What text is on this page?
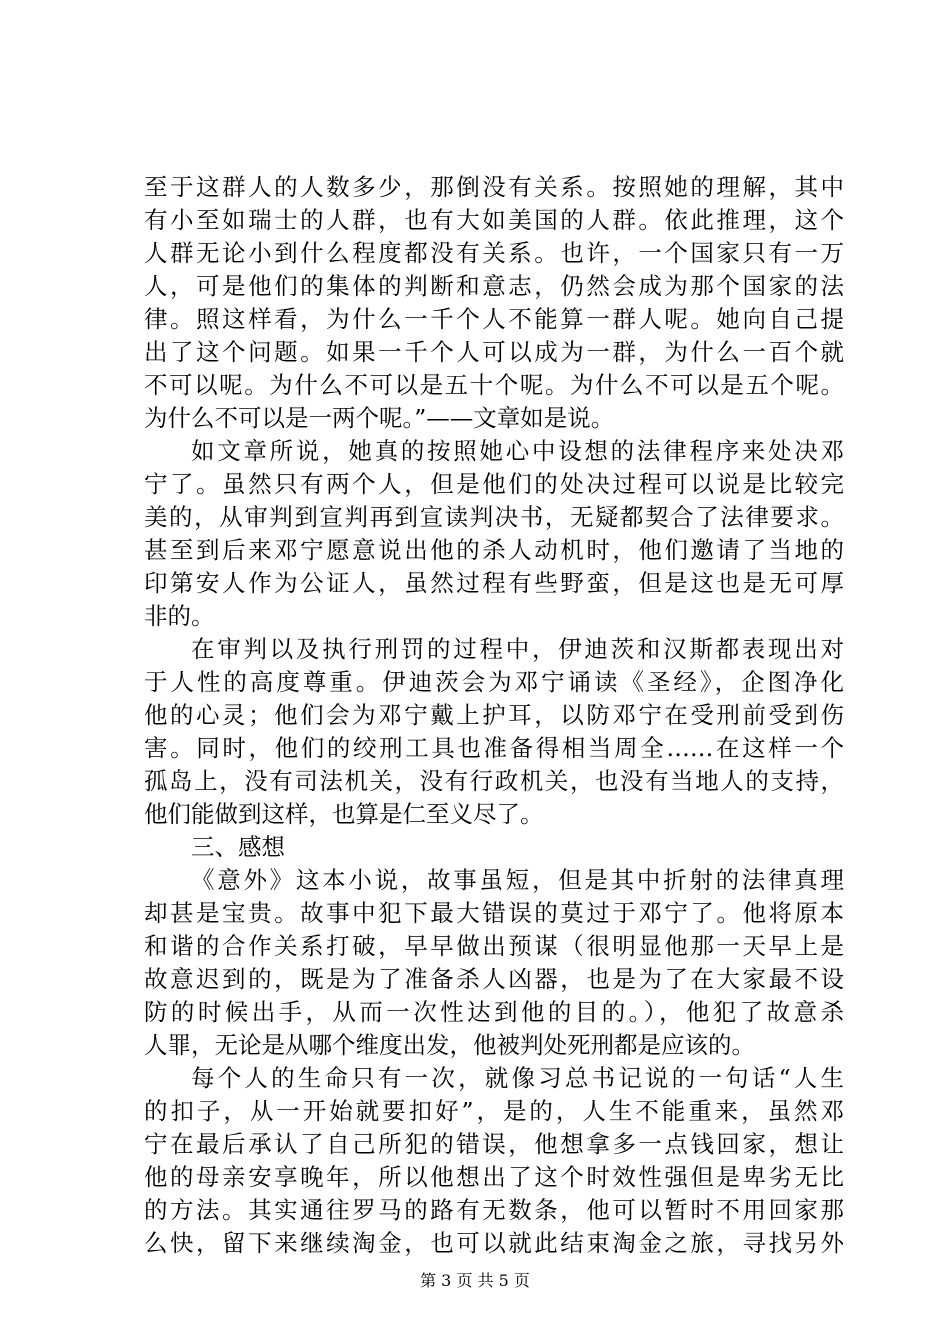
至于这群人的人数多少，那倒没有关系。按照她的理解，其中
有小至如瑞士的人群，也有大如美国的人群。依此推理，这个
人群无论小到什么程度都没有关系。也许，一个国家只有一万
人，可是他们的集体的判断和意志，仍然会成为那个国家的法
律。照这样看，为什么一千个人不能算一群人呢。她向自己提
出了这个问题。如果一千个人可以成为一群，为什么一百个就
不可以呢。为什么不可以是五十个呢。为什么不可以是五个呢。
为什么不可以是一两个呢。”——文章如是说。
如文章所说，她真的按照她心中设想的法律程序来处决邓
宁了。虽然只有两个人，但是他们的处决过程可以说是比较完
美的，从审判到宣判再到宣读判决书，无疑都契合了法律要求。
甚至到后来邓宁愿意说出他的杀人动机时，他们邀请了当地的
印第安人作为公证人，虽然过程有些野蛮，但是这也是无可厚
非的。
在审判以及执行刑罚的过程中，伊迪茨和汉斯都表现出对
于人性的高度尊重。伊迪茨会为邓宁诵读《圣经》，企图净化
他的心灵；他们会为邓宁戴上护耳，以防邓宁在受刑前受到伤
害。同时，他们的绞刑工具也准备得相当周全……在这样一个
孤岛上，没有司法机关，没有行政机关，也没有当地人的支持，
他们能做到这样，也算是仁至义尽了。
三、感想
《意外》这本小说，故事虽短，但是其中折射的法律真理
却甚是宝贵。故事中犯下最大错误的莫过于邓宁了。他将原本
和谐的合作关系打破，早早做出预谋（很明显他那一天早上是
故意迟到的，既是为了准备杀人凶器，也是为了在大家最不设
防的时候出手，从而一次性达到他的目的。），他犯了故意杀
人罪，无论是从哪个维度出发，他被判处死刑都是应该的。
每个人的生命只有一次，就像习总书记说的一句话“人生
的扣子，从一开始就要扣好”，是的，人生不能重来，虽然邓
宁在最后承认了自己所犯的错误，他想拿多一点钱回家，想让
他的母亲安享晚年，所以他想出了这个时效性强但是卑劣无比
的方法。其实通往罗马的路有无数条，他可以暂时不用回家那
么快，留下来继续淘金，也可以就此结束淘金之旅，寻找另外
第 3 页 共 5 页
